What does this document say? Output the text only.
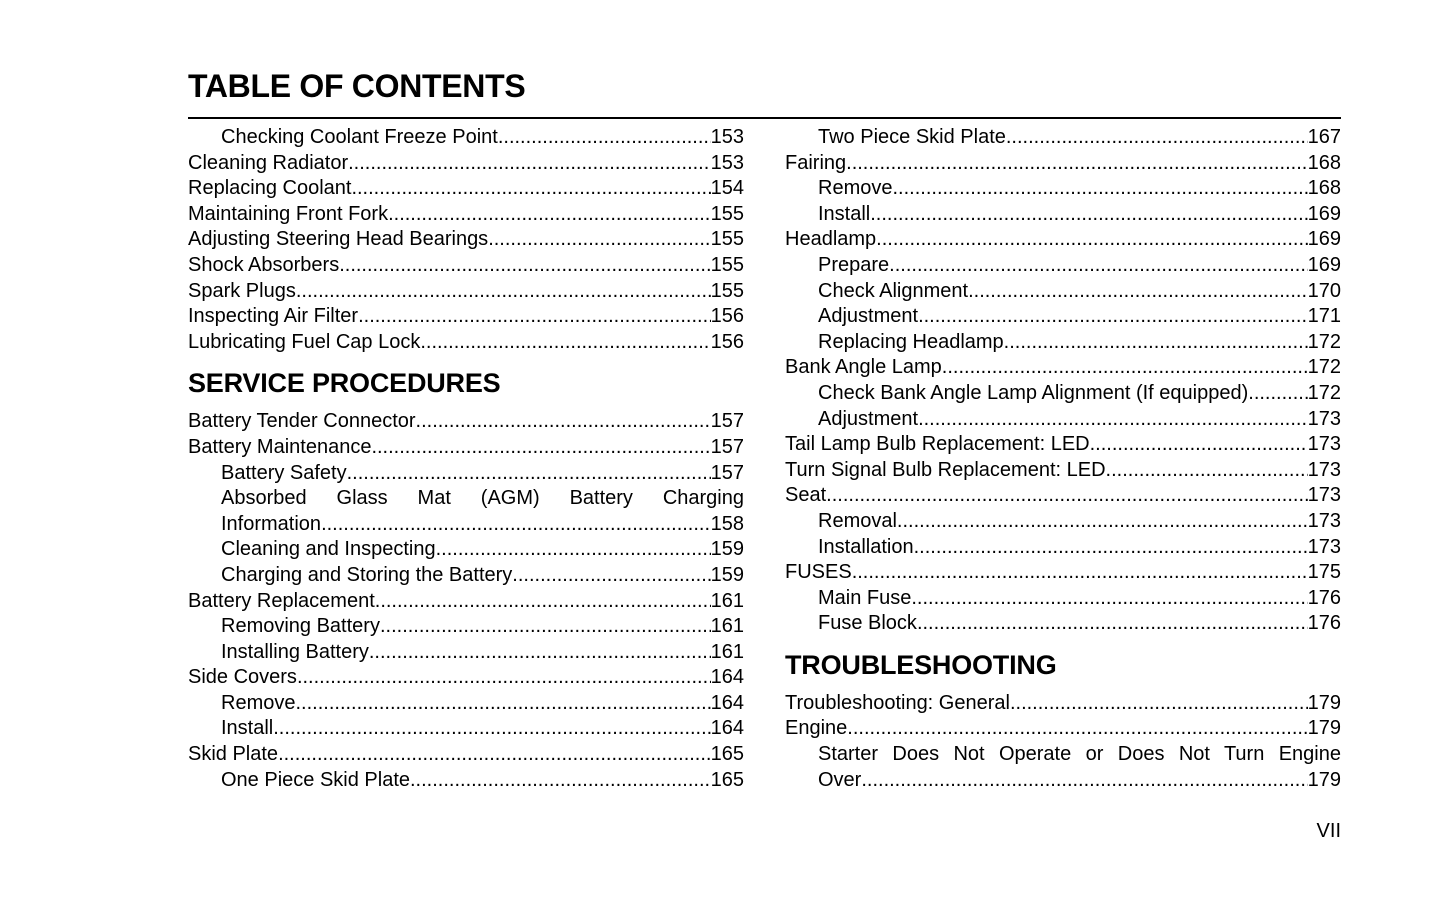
TABLE OF CONTENTS
Checking Coolant Freeze Point .....	153
Cleaning Radiator .....	153
Replacing Coolant .....	154
Maintaining Front Fork .....	155
Adjusting Steering Head Bearings .....	155
Shock Absorbers .....	155
Spark Plugs .....	155
Inspecting Air Filter .....	156
Lubricating Fuel Cap Lock .....	156
SERVICE PROCEDURES
Battery Tender Connector .....	157
Battery Maintenance .....	157
Battery Safety .....	157
Absorbed Glass Mat (AGM) Battery Charging
Information .....	158
Cleaning and Inspecting .....	159
Charging and Storing the Battery .....	159
Battery Replacement .....	161
Removing Battery .....	161
Installing Battery .....	161
Side Covers .....	164
Remove .....	164
Install .....	164
Skid Plate .....	165
One Piece Skid Plate .....	165
Two Piece Skid Plate .....	167
Fairing .....	168
Remove .....	168
Install .....	169
Headlamp .....	169
Prepare .....	169
Check Alignment .....	170
Adjustment .....	171
Replacing Headlamp .....	172
Bank Angle Lamp .....	172
Check Bank Angle Lamp Alignment (If equipped) .....	172
Adjustment .....	173
Tail Lamp Bulb Replacement: LED .....	173
Turn Signal Bulb Replacement: LED .....	173
Seat .....	173
Removal .....	173
Installation .....	173
FUSES .....	175
Main Fuse .....	176
Fuse Block .....	176
TROUBLESHOOTING
Troubleshooting: General .....	179
Engine .....	179
Starter Does Not Operate or Does Not Turn Engine
Over .....	179
VII
